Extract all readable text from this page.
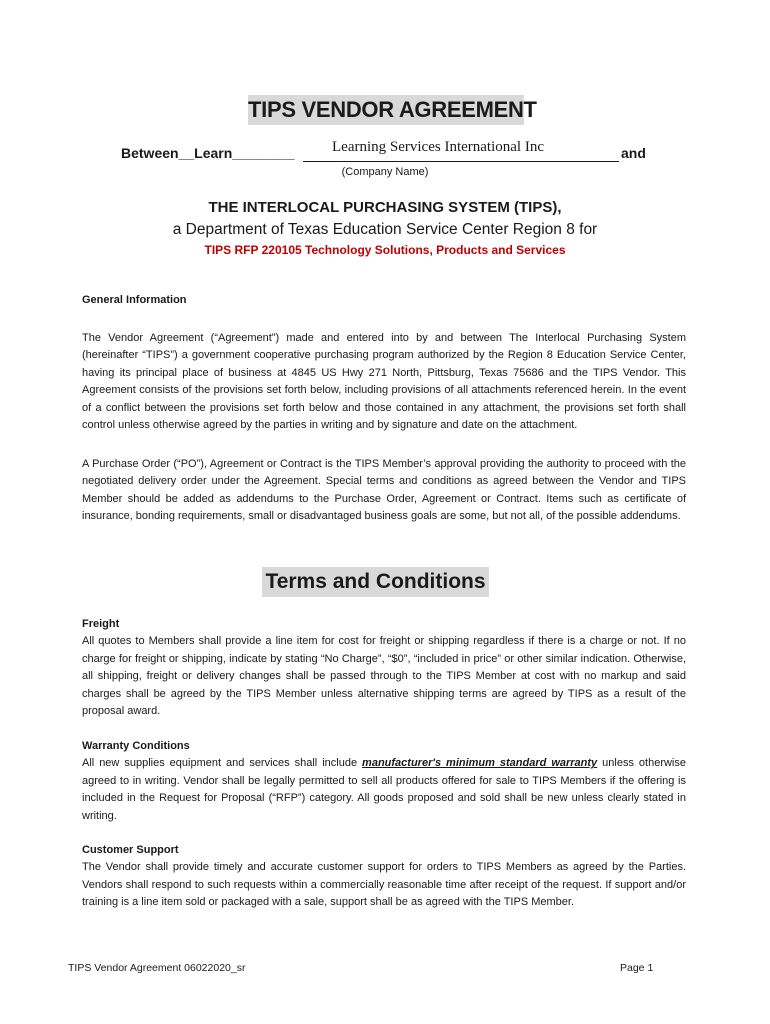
TIPS VENDOR AGREEMENT
Between__Learn________	Learning Services International Inc	and
(Company Name)
THE INTERLOCAL PURCHASING SYSTEM (TIPS),
a Department of Texas Education Service Center Region 8 for
TIPS RFP 220105 Technology Solutions, Products and Services
General Information
The Vendor Agreement (“Agreement”) made and entered into by and between The Interlocal Purchasing System (hereinafter “TIPS”) a government cooperative purchasing program authorized by the Region 8 Education Service Center, having its principal place of business at 4845 US Hwy 271 North, Pittsburg, Texas 75686 and the TIPS Vendor. This Agreement consists of the provisions set forth below, including provisions of all attachments referenced herein. In the event of a conflict between the provisions set forth below and those contained in any attachment, the provisions set forth shall control unless otherwise agreed by the parties in writing and by signature and date on the attachment.
A Purchase Order (“PO”), Agreement or Contract is the TIPS Member’s approval providing the authority to proceed with the negotiated delivery order under the Agreement. Special terms and conditions as agreed between the Vendor and TIPS Member should be added as addendums to the Purchase Order, Agreement or Contract. Items such as certificate of insurance, bonding requirements, small or disadvantaged business goals are some, but not all, of the possible addendums.
Terms and Conditions
Freight
All quotes to Members shall provide a line item for cost for freight or shipping regardless if there is a charge or not. If no charge for freight or shipping, indicate by stating “No Charge”, “$0”, “included in price” or other similar indication. Otherwise, all shipping, freight or delivery changes shall be passed through to the TIPS Member at cost with no markup and said charges shall be agreed by the TIPS Member unless alternative shipping terms are agreed by TIPS as a result of the proposal award.
Warranty Conditions
All new supplies equipment and services shall include manufacturer's minimum standard warranty unless otherwise agreed to in writing. Vendor shall be legally permitted to sell all products offered for sale to TIPS Members if the offering is included in the Request for Proposal (“RFP”) category. All goods proposed and sold shall be new unless clearly stated in writing.
Customer Support
The Vendor shall provide timely and accurate customer support for orders to TIPS Members as agreed by the Parties. Vendors shall respond to such requests within a commercially reasonable time after receipt of the request. If support and/or training is a line item sold or packaged with a sale, support shall be as agreed with the TIPS Member.
TIPS Vendor Agreement 06022020_sr	Page 1
